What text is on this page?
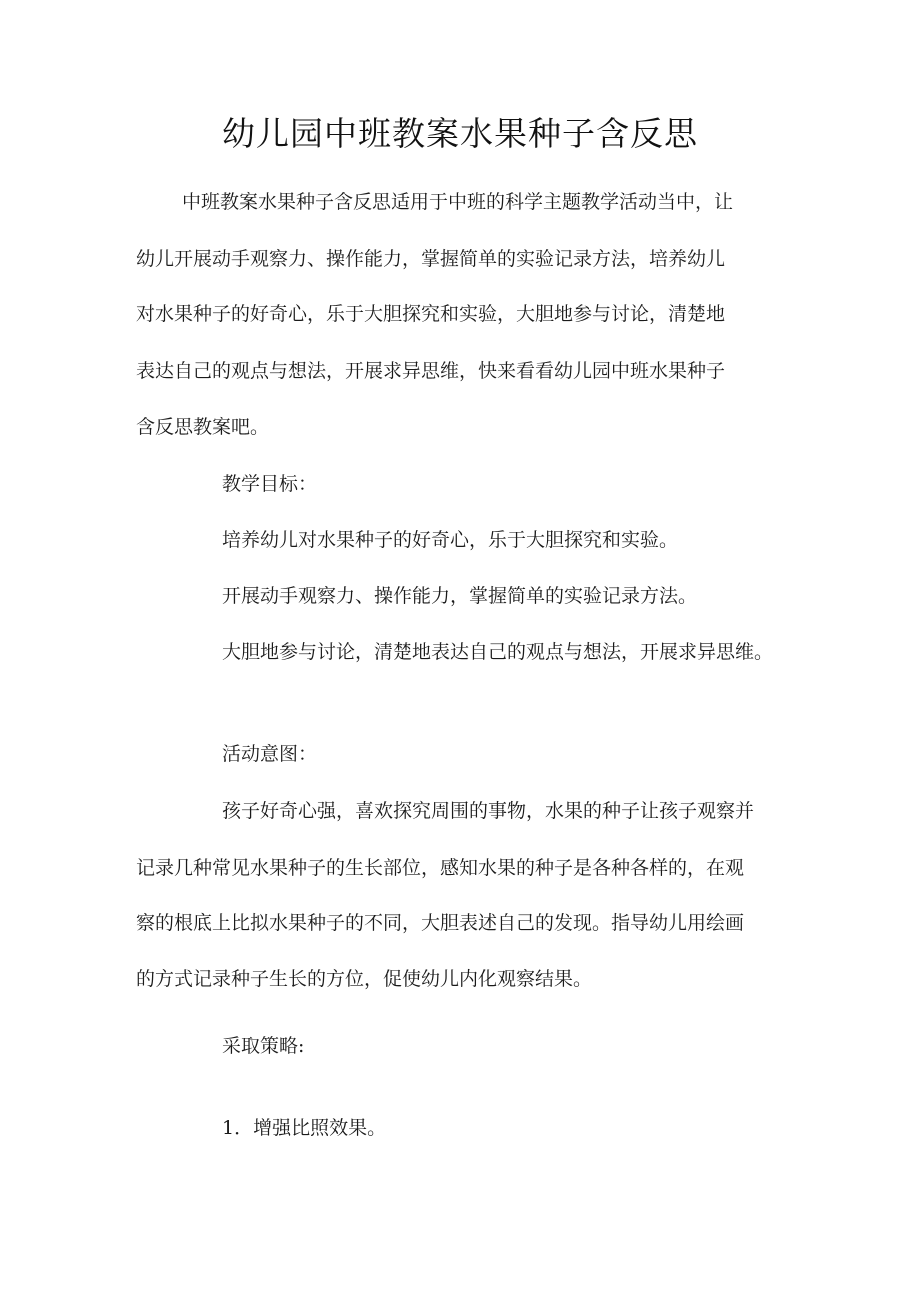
幼儿园中班教案水果种子含反思
中班教案水果种子含反思适用于中班的科学主题教学活动当中，让
幼儿开展动手观察力、操作能力，掌握简单的实验记录方法，培养幼儿
对水果种子的好奇心，乐于大胆探究和实验，大胆地参与讨论，清楚地
表达自己的观点与想法，开展求异思维，快来看看幼儿园中班水果种子
含反思教案吧。
教学目标：
培养幼儿对水果种子的好奇心，乐于大胆探究和实验。
开展动手观察力、操作能力，掌握简单的实验记录方法。
大胆地参与讨论，清楚地表达自己的观点与想法，开展求异思维。
活动意图：
孩子好奇心强，喜欢探究周围的事物，水果的种子让孩子观察并
记录几种常见水果种子的生长部位，感知水果的种子是各种各样的，在观
察的根底上比拟水果种子的不同，大胆表述自己的发现。指导幼儿用绘画
的方式记录种子生长的方位，促使幼儿内化观察结果。
采取策略:
1．增强比照效果。
